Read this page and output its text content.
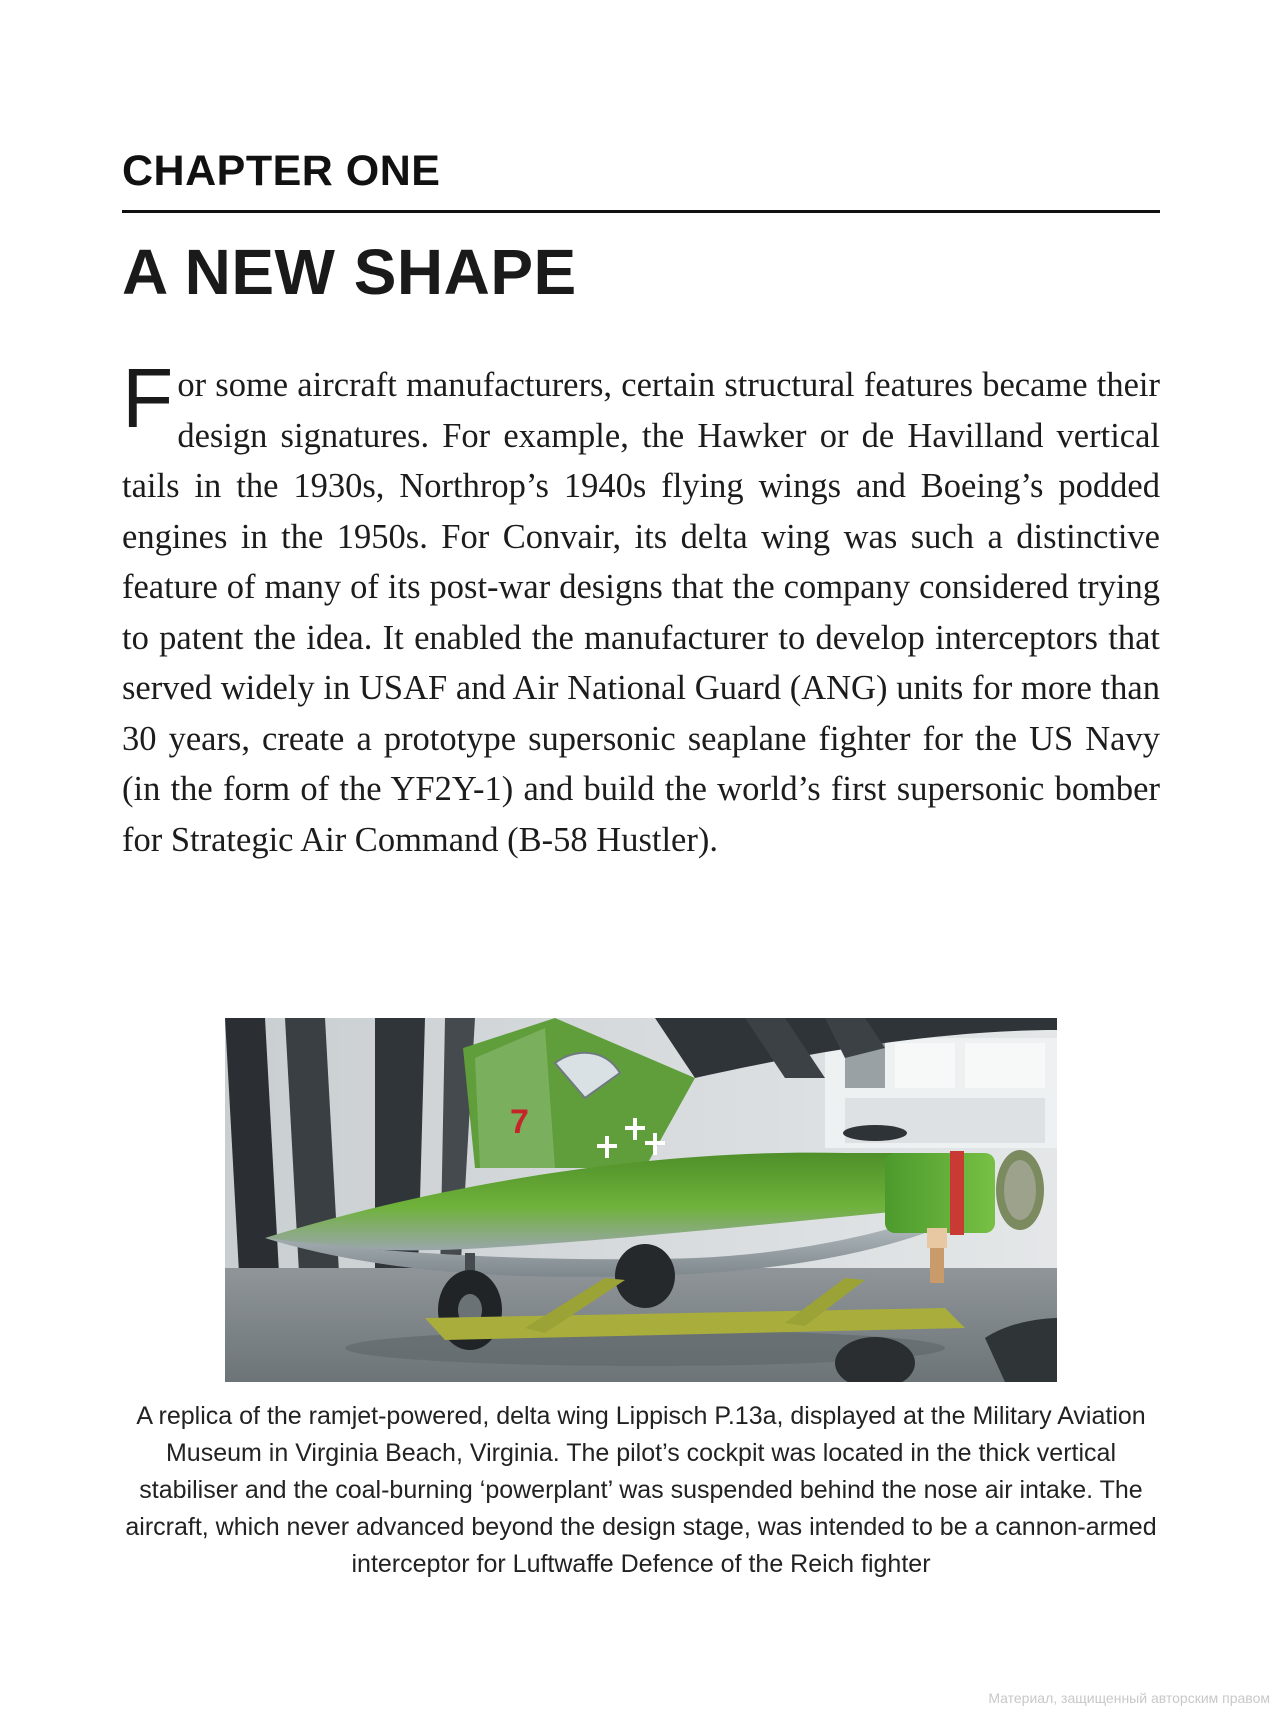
CHAPTER ONE
A NEW SHAPE

For some aircraft manufacturers, certain structural features became their design signatures. For example, the Hawker or de Havilland vertical tails in the 1930s, Northrop’s 1940s flying wings and Boeing’s podded engines in the 1950s. For Convair, its delta wing was such a distinctive feature of many of its post-war designs that the company considered trying to patent the idea. It enabled the manufacturer to develop interceptors that served widely in USAF and Air National Guard (ANG) units for more than 30 years, create a prototype supersonic seaplane fighter for the US Navy (in the form of the YF2Y-1) and build the world’s first supersonic bomber for Strategic Air Command (B-58 Hustler).

7

A replica of the ramjet-powered, delta wing Lippisch P.13a, displayed at the Military Aviation Museum in Virginia Beach, Virginia. The pilot’s cockpit was located in the thick vertical stabiliser and the coal-burning ‘powerplant’ was suspended behind the nose air intake. The aircraft, which never advanced beyond the design stage, was intended to be a cannon-armed interceptor for Luftwaffe Defence of the Reich fighter

Материал, защищенный авторским правом
